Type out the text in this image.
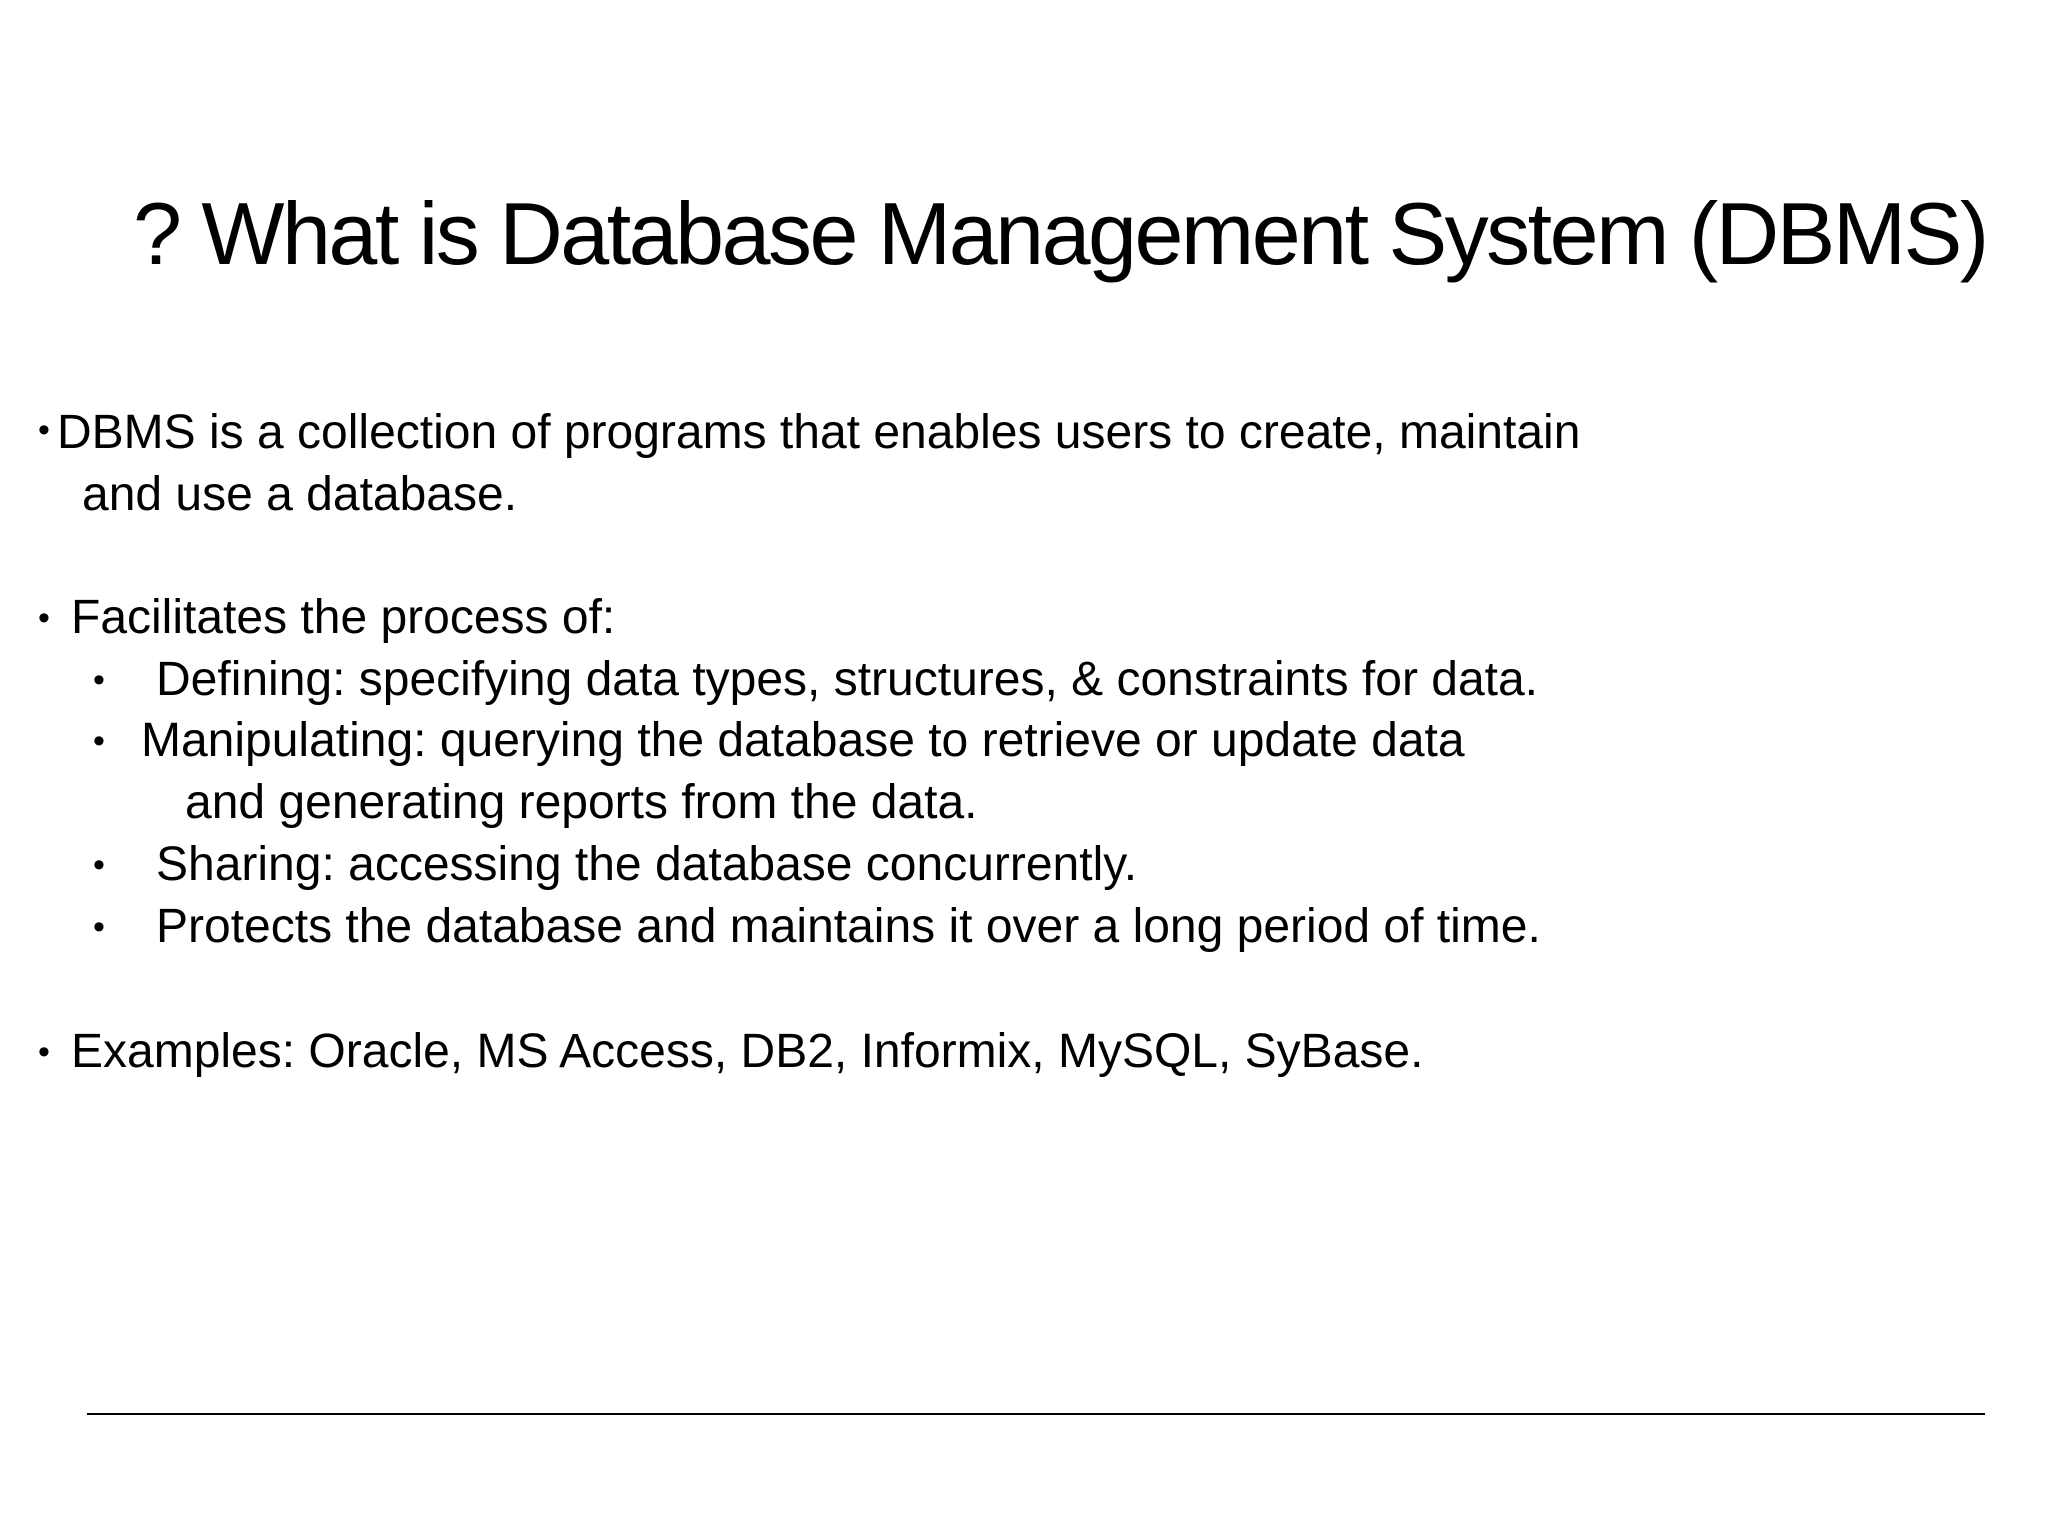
? What is Database Management System (DBMS)
• DBMS is a collection of programs that enables users to create, maintain
and use a database.
• Facilitates the process of:
• Defining: specifying data types, structures, & constraints for data.
• Manipulating: querying the database to retrieve or update data
and generating reports from the data.
• Sharing: accessing the database concurrently.
• Protects the database and maintains it over a long period of time.
• Examples: Oracle, MS Access, DB2, Informix, MySQL, SyBase.
